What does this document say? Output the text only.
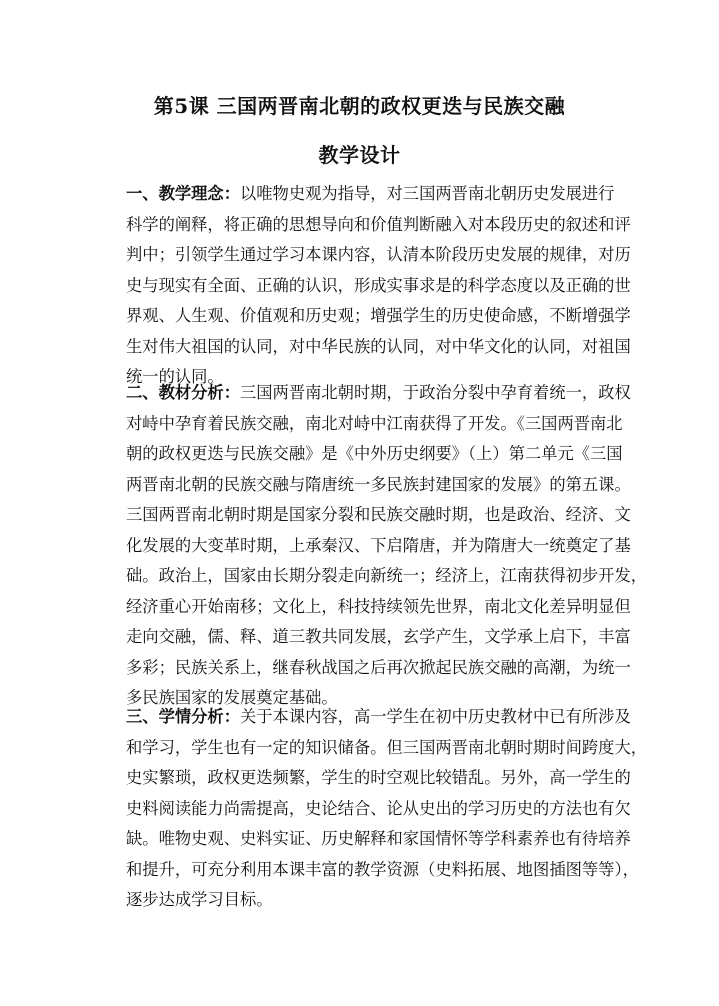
第5课 三国两晋南北朝的政权更迭与民族交融
教学设计
一、教学理念：以唯物史观为指导，对三国两晋南北朝历史发展进行
科学的阐释，将正确的思想导向和价值判断融入对本段历史的叙述和评
判中；引领学生通过学习本课内容，认清本阶段历史发展的规律，对历
史与现实有全面、正确的认识，形成实事求是的科学态度以及正确的世
界观、人生观、价值观和历史观；增强学生的历史使命感，不断增强学
生对伟大祖国的认同，对中华民族的认同，对中华文化的认同，对祖国
统一的认同。
二、教材分析：三国两晋南北朝时期，于政治分裂中孕育着统一，政权
对峙中孕育着民族交融，南北对峙中江南获得了开发。《三国两晋南北
朝的政权更迭与民族交融》是《中外历史纲要》（上）第二单元《三国
两晋南北朝的民族交融与隋唐统一多民族封建国家的发展》的第五课。
三国两晋南北朝时期是国家分裂和民族交融时期，也是政治、经济、文
化发展的大变革时期，上承秦汉、下启隋唐，并为隋唐大一统奠定了基
础。政治上，国家由长期分裂走向新统一；经济上，江南获得初步开发，
经济重心开始南移；文化上，科技持续领先世界，南北文化差异明显但
走向交融，儒、释、道三教共同发展，玄学产生，文学承上启下，丰富
多彩；民族关系上，继春秋战国之后再次掀起民族交融的高潮，为统一
多民族国家的发展奠定基础。
三、学情分析：关于本课内容，高一学生在初中历史教材中已有所涉及
和学习，学生也有一定的知识储备。但三国两晋南北朝时期时间跨度大，
史实繁琐，政权更迭频繁，学生的时空观比较错乱。另外，高一学生的
史料阅读能力尚需提高，史论结合、论从史出的学习历史的方法也有欠
缺。唯物史观、史料实证、历史解释和家国情怀等学科素养也有待培养
和提升，可充分利用本课丰富的教学资源（史料拓展、地图插图等等），
逐步达成学习目标。
